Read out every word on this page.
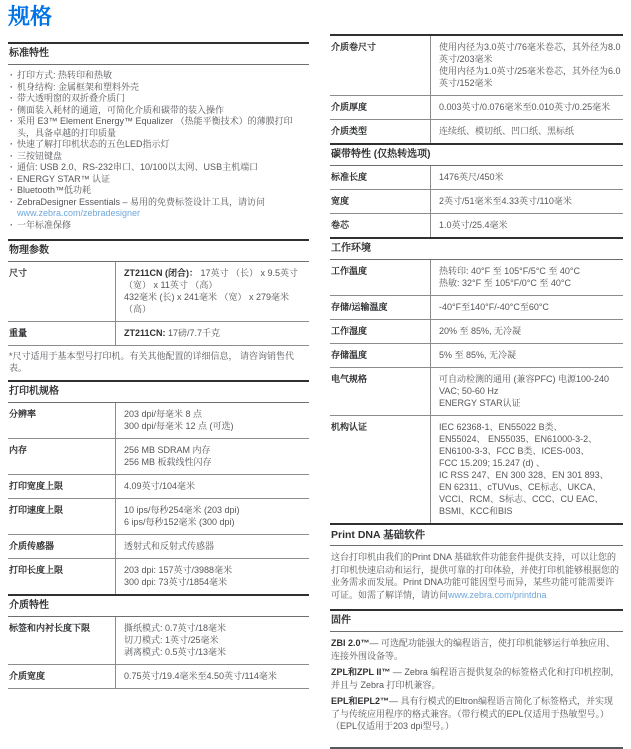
规格
标准特性
· 打印方式: 热转印和热敏
· 机身结构: 金属框架和塑料外壳
· 带大透明窗的双折叠介质门
· 侧面装入耗材的通道，可简化介质和碳带的装入操作
· 采用 E3™ Element Energy™ Equalizer （热能平衡技术）的薄膜打印头，具备卓越的打印质量
· 快速了解打印机状态的五色LED指示灯
· 三按钮键盘
· 通信: USB 2.0、RS-232串口、10/100以太网、USB主机端口
· ENERGY STAR™ 认证
· Bluetooth™低功耗
· ZebraDesigner Essentials – 易用的免费标签设计工具，请访问 www.zebra.com/zebradesigner
· 一年标准保修
物理参数
尺寸	ZT211CN (闭合)： 17英寸 （长） x 9.5英寸 （宽） x 11英寸 （高）
432毫米 (长) x 241毫米 （宽） x 279毫米 （高）
重量	ZT211CN: 17磅/7.7千克

*尺寸适用于基本型号打印机。有关其他配置的详细信息， 请咨询销售代表。

打印机规格
分辨率	203 dpi/每毫米 8 点
300 dpi/每毫米 12 点 (可选)
内存	256 MB SDRAM 内存
256 MB 板载线性闪存
打印宽度上限	4.09英寸/104毫米
打印速度上限	10 ips/每秒254毫米 (203 dpi)
6 ips/每秒152毫米 (300 dpi)
介质传感器	透射式和反射式传感器
打印长度上限	203 dpi: 157英寸/3988毫米
300 dpi: 73英寸/1854毫米
介质特性
标签和内衬长度下限	撕纸模式: 0.7英寸/18毫米
切刀模式: 1英寸/25毫米
剥离模式: 0.5英寸/13毫米
介质宽度	0.75英寸/19.4毫米至4.50英寸/114毫米
介质卷尺寸	使用内径为3.0英寸/76毫米卷芯，其外径为8.0英寸/203毫米
使用内径为1.0英寸/25毫米卷芯，其外径为6.0英寸/152毫米
介质厚度	0.003英寸/0.076毫米至0.010英寸/0.25毫米
介质类型	连续纸、模切纸、凹口纸、黑标纸
碳带特性 (仅热转选项)
标准长度	1476英尺/450米
宽度	2英寸/51毫米至4.33英寸/110毫米
卷芯	1.0英寸/25.4毫米
工作环境
工作温度	热转印: 40°F 至 105°F/5°C 至 40°C
热敏: 32°F 至 105°F/0°C 至 40°C
存储/运输温度	-40°F至140°F/-40°C至60°C
工作湿度	20% 至 85%, 无冷凝
存储温度	5% 至 85%, 无冷凝
电气规格	可自动检测的通用 (兼容PFC) 电源100-240 VAC; 50-60 Hz
ENERGY STAR认证
机构认证	IEC 62368-1、EN55022 B类、
EN55024、 EN55035、EN61000-3-2、
EN6100-3-3、FCC B类、ICES-003、
FCC 15.209; 15.247 (d) 、
IC RSS 247、EN 300 328、EN 301 893、EN 62311、cTUVus、CE标志、UKCA、VCCI、RCM、S标志、CCC、CU EAC、BSMI、KCC和BIS
Print DNA 基础软件

这台打印机由我们的Print DNA 基础软件功能套件提供支持，可以让您的打印机快速启动和运行，提供可靠的打印体验，并使打印机能够根据您的业务需求而发展。Print DNA功能可能因型号而异，某些功能可能需要许可证。如需了解详情，请访问www.zebra.com/printdna

固件

ZBI 2.0™— 可选配功能强大的编程语言，使打印机能够运行单独应用、连接外围设备等。

ZPL和ZPL II™ — Zebra 编程语言提供复杂的标签格式化和打印机控制，并且与 Zebra 打印机兼容。

EPL和EPL2™— 具有行模式的Eltron编程语言简化了标签格式，并实现了与传统应用程序的格式兼容。（带行模式的EPL仅适用于热敏型号。） （EPL仅适用于203 dpi型号。）
